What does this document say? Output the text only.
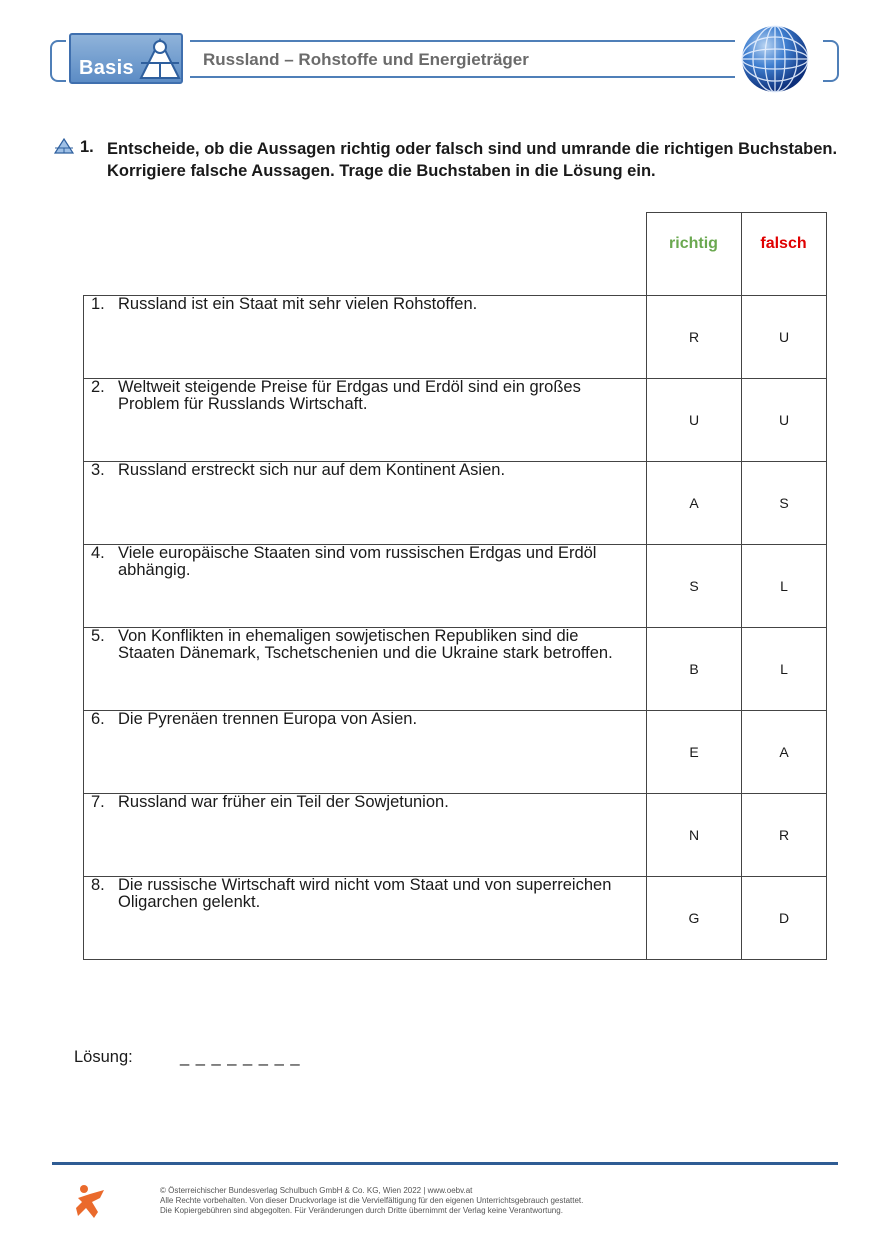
Basis	Russland – Rohstoffe und Energieträger
1. Entscheide, ob die Aussagen richtig oder falsch sind und umrande die richtigen Buchstaben. Korrigiere falsche Aussagen. Trage die Buchstaben in die Lösung ein.
richtig	falsch
1. Russland ist ein Staat mit sehr vielen Rohstoffen.
R	U
2. Weltweit steigende Preise für Erdgas und Erdöl sind ein großes Problem für Russlands Wirtschaft.
U	U
3. Russland erstreckt sich nur auf dem Kontinent Asien.
A	S
4. Viele europäische Staaten sind vom russischen Erdgas und Erdöl abhängig.
S	L
5. Von Konflikten in ehemaligen sowjetischen Republiken sind die Staaten Dänemark, Tschetschenien und die Ukraine stark betroffen.
B	L
6. Die Pyrenäen trennen Europa von Asien.
E	A
7. Russland war früher ein Teil der Sowjetunion.
N	R
8. Die russische Wirtschaft wird nicht vom Staat und von superreichen Oligarchen gelenkt.
G	D
Lösung:	_ _ _ _ _ _ _ _
© Österreichischer Bundesverlag Schulbuch GmbH & Co. KG, Wien 2022 | www.oebv.at
Alle Rechte vorbehalten. Von dieser Druckvorlage ist die Vervielfältigung für den eigenen Unterrichtsgebrauch gestattet.
Die Kopiergebühren sind abgegolten. Für Veränderungen durch Dritte übernimmt der Verlag keine Verantwortung.
